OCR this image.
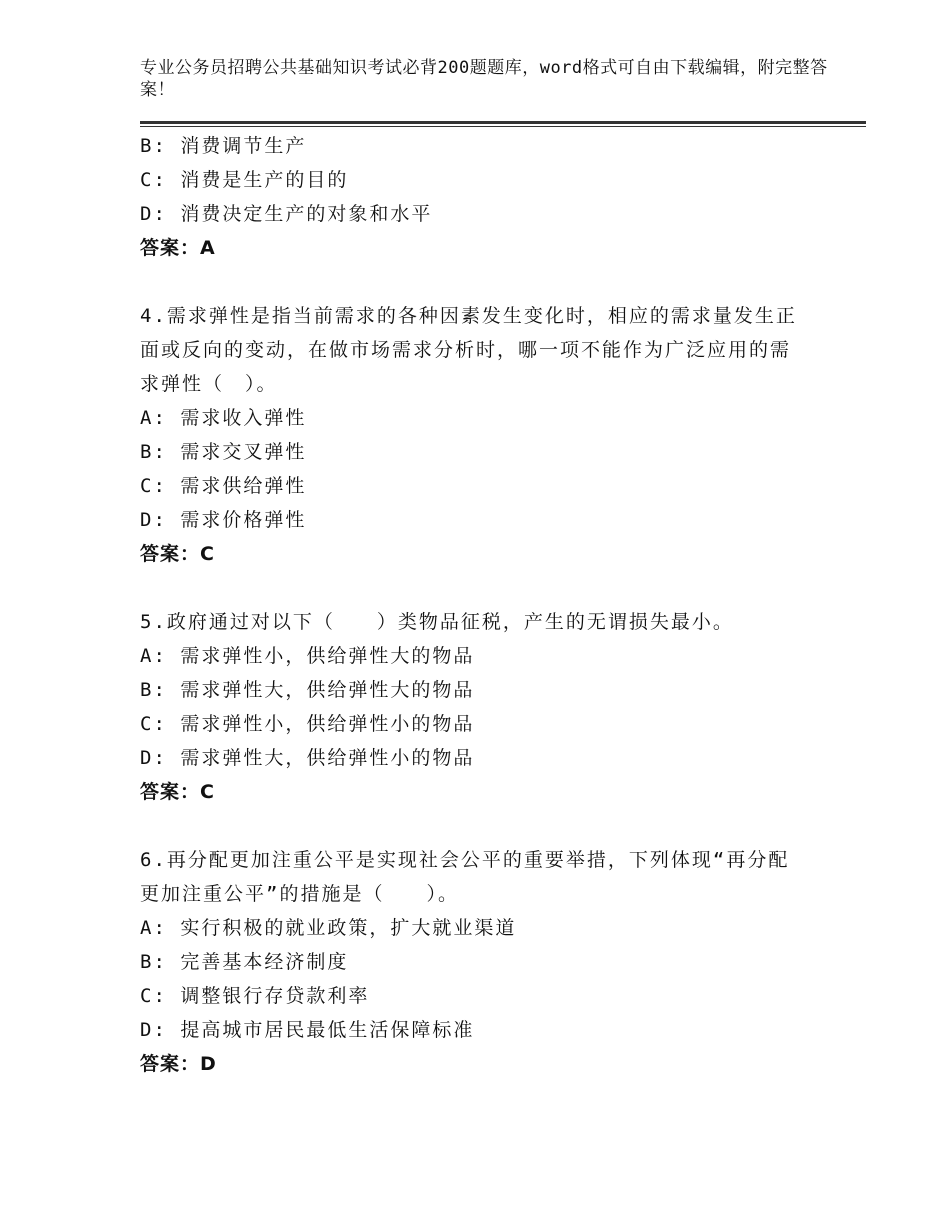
专业公务员招聘公共基础知识考试必背200题题库，word格式可自由下载编辑，附完整答案！
B: 消费调节生产
C: 消费是生产的目的
D: 消费决定生产的对象和水平
答案：A
4.需求弹性是指当前需求的各种因素发生变化时，相应的需求量发生正面或反向的变动，在做市场需求分析时，哪一项不能作为广泛应用的需求弹性（　）。
A: 需求收入弹性
B: 需求交叉弹性
C: 需求供给弹性
D: 需求价格弹性
答案：C
5.政府通过对以下（　　）类物品征税，产生的无谓损失最小。
A: 需求弹性小，供给弹性大的物品
B: 需求弹性大，供给弹性大的物品
C: 需求弹性小，供给弹性小的物品
D: 需求弹性大，供给弹性小的物品
答案：C
6.再分配更加注重公平是实现社会公平的重要举措，下列体现“再分配更加注重公平”的措施是（　　）。
A: 实行积极的就业政策，扩大就业渠道
B: 完善基本经济制度
C: 调整银行存贷款利率
D: 提高城市居民最低生活保障标准
答案：D
